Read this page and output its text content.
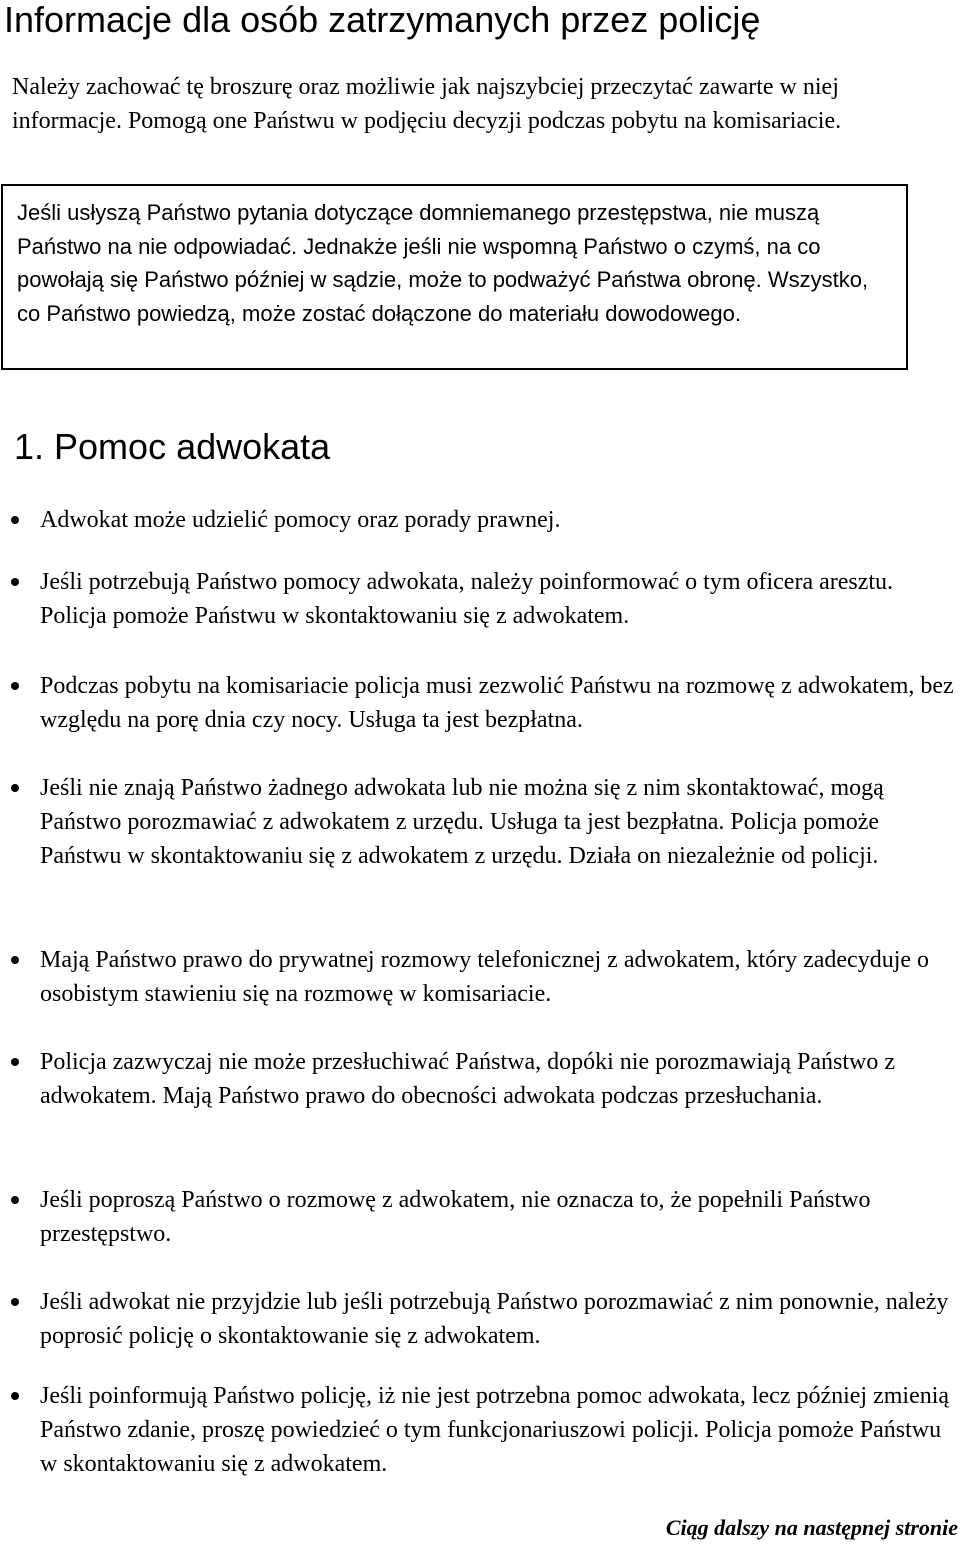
Informacje dla osób zatrzymanych przez policję

Należy zachować tę broszurę oraz możliwie jak najszybciej przeczytać zawarte w niej informacje. Pomogą one Państwu w podjęciu decyzji podczas pobytu na komisariacie.

Jeśli usłyszą Państwo pytania dotyczące domniemanego przestępstwa, nie muszą Państwo na nie odpowiadać. Jednakże jeśli nie wspomną Państwo o czymś, na co powołają się Państwo później w sądzie, może to podważyć Państwa obronę. Wszystko, co Państwo powiedzą, może zostać dołączone do materiału dowodowego.

1. Pomoc adwokata
Adwokat może udzielić pomocy oraz porady prawnej.
Jeśli potrzebują Państwo pomocy adwokata, należy poinformować o tym oficera aresztu. Policja pomoże Państwu w skontaktowaniu się z adwokatem.
Podczas pobytu na komisariacie policja musi zezwolić Państwu na rozmowę z adwokatem, bez względu na porę dnia czy nocy. Usługa ta jest bezpłatna.
Jeśli nie znają Państwo żadnego adwokata lub nie można się z nim skontaktować, mogą Państwo porozmawiać z adwokatem z urzędu. Usługa ta jest bezpłatna. Policja pomoże Państwu w skontaktowaniu się z adwokatem z urzędu. Działa on niezależnie od policji.
Mają Państwo prawo do prywatnej rozmowy telefonicznej z adwokatem, który zadecyduje o osobistym stawieniu się na rozmowę w komisariacie.
Policja zazwyczaj nie może przesłuchiwać Państwa, dopóki nie porozmawiają Państwo z adwokatem. Mają Państwo prawo do obecności adwokata podczas przesłuchania.
Jeśli poproszą Państwo o rozmowę z adwokatem, nie oznacza to, że popełnili Państwo przestępstwo.
Jeśli adwokat nie przyjdzie lub jeśli potrzebują Państwo porozmawiać z nim ponownie, należy poprosić policję o skontaktowanie się z adwokatem.
Jeśli poinformują Państwo policję, iż nie jest potrzebna pomoc adwokata, lecz później zmienią Państwo zdanie, proszę powiedzieć o tym funkcjonariuszowi policji. Policja pomoże Państwu w skontaktowaniu się z adwokatem.

Ciąg dalszy na następnej stronie
